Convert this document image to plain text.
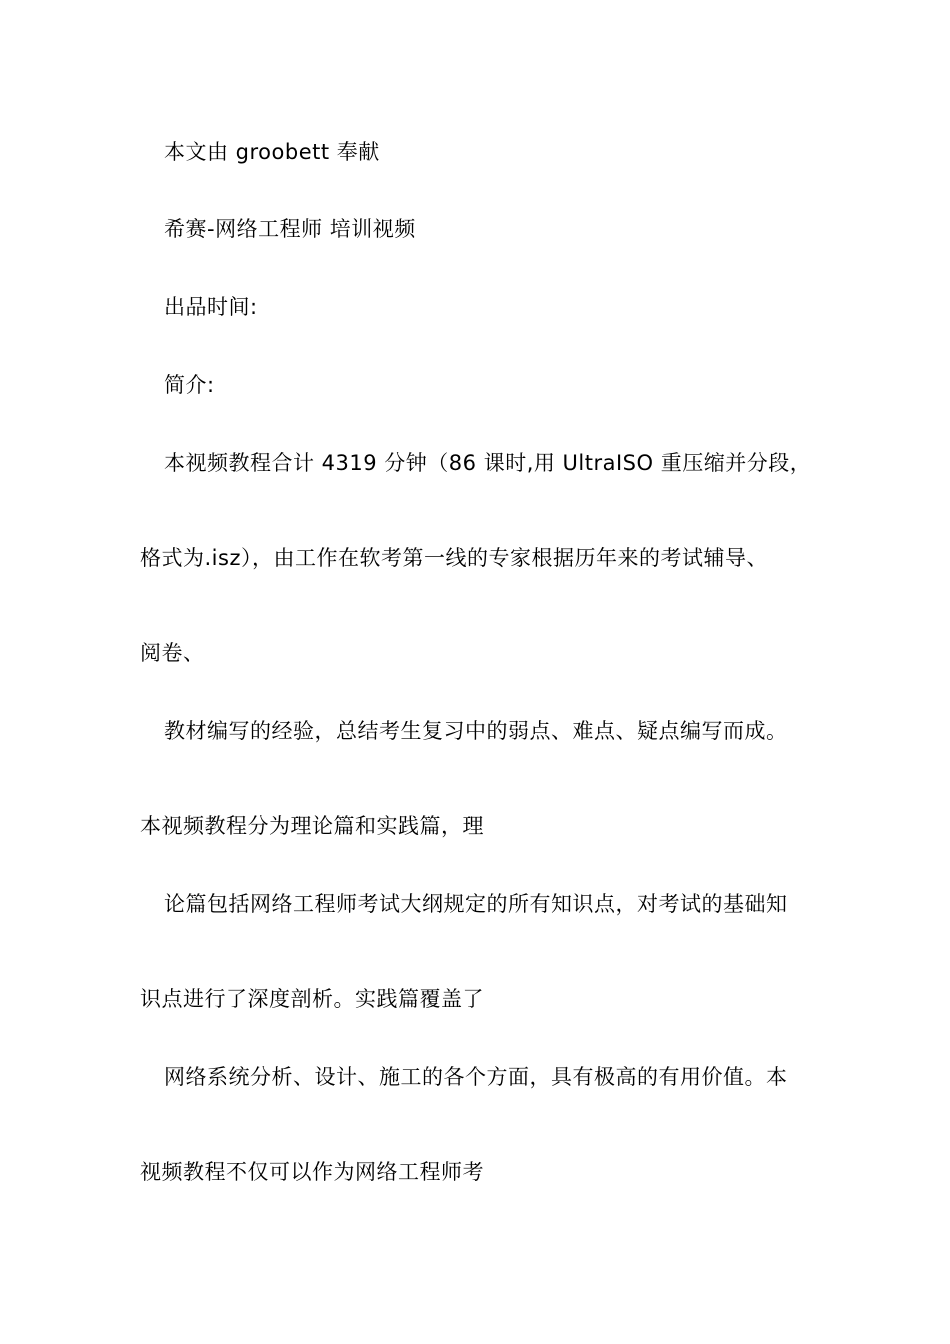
本文由 groobett 奉献
希赛-网络工程师 培训视频
出品时间:
简介:
本视频教程合计 4319 分钟（86 课时,用 UltraISO 重压缩并分段，
格式为.isz），由工作在软考第一线的专家根据历年来的考试辅导、
阅卷、
教材编写的经验，总结考生复习中的弱点、难点、疑点编写而成。
本视频教程分为理论篇和实践篇，理
论篇包括网络工程师考试大纲规定的所有知识点，对考试的基础知
识点进行了深度剖析。实践篇覆盖了
网络系统分析、设计、施工的各个方面，具有极高的有用价值。本
视频教程不仅可以作为网络工程师考
